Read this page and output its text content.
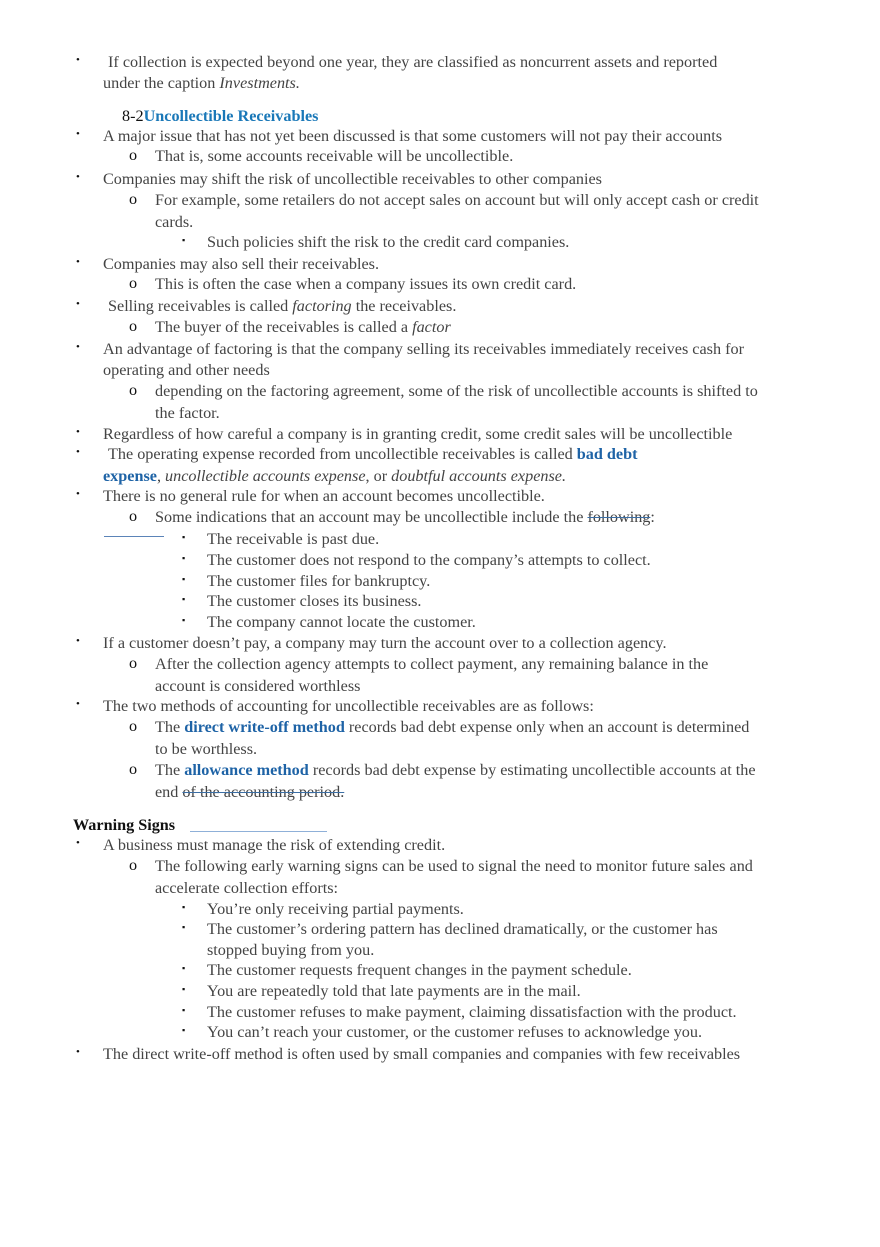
• If collection is expected beyond one year, they are classified as noncurrent assets and reported
under the caption Investments.
8-2Uncollectible Receivables
• A major issue that has not yet been discussed is that some customers will not pay their accounts
o That is, some accounts receivable will be uncollectible.
• Companies may shift the risk of uncollectible receivables to other companies
o For example, some retailers do not accept sales on account but will only accept cash or credit
cards.
▪ Such policies shift the risk to the credit card companies.
• Companies may also sell their receivables.
o This is often the case when a company issues its own credit card.
• Selling receivables is called factoring the receivables.
o The buyer of the receivables is called a factor
• An advantage of factoring is that the company selling its receivables immediately receives cash for
operating and other needs
o depending on the factoring agreement, some of the risk of uncollectible accounts is shifted to
the factor.
• Regardless of how careful a company is in granting credit, some credit sales will be uncollectible
• The operating expense recorded from uncollectible receivables is called bad debt
expense, uncollectible accounts expense, or doubtful accounts expense.
• There is no general rule for when an account becomes uncollectible.
o Some indications that an account may be uncollectible include the following:
▪ The receivable is past due.
▪ The customer does not respond to the company’s attempts to collect.
▪ The customer files for bankruptcy.
▪ The customer closes its business.
▪ The company cannot locate the customer.
• If a customer doesn’t pay, a company may turn the account over to a collection agency.
o After the collection agency attempts to collect payment, any remaining balance in the
account is considered worthless
• The two methods of accounting for uncollectible receivables are as follows:
o The direct write-off method records bad debt expense only when an account is determined
to be worthless.
o The allowance method records bad debt expense by estimating uncollectible accounts at the
end of the accounting period.
Warning Signs
• A business must manage the risk of extending credit.
o The following early warning signs can be used to signal the need to monitor future sales and
accelerate collection efforts:
▪ You’re only receiving partial payments.
▪ The customer’s ordering pattern has declined dramatically, or the customer has
stopped buying from you.
▪ The customer requests frequent changes in the payment schedule.
▪ You are repeatedly told that late payments are in the mail.
▪ The customer refuses to make payment, claiming dissatisfaction with the product.
▪ You can’t reach your customer, or the customer refuses to acknowledge you.
• The direct write-off method is often used by small companies and companies with few receivables
